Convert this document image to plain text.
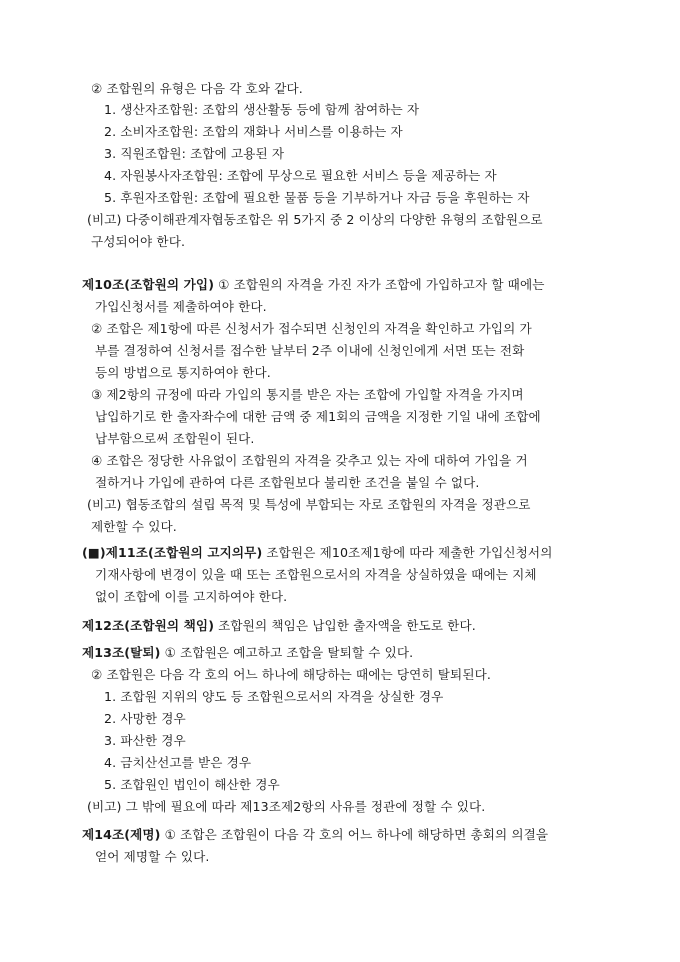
② 조합원의 유형은 다음 각 호와 같다.
1. 생산자조합원: 조합의 생산활동 등에 함께 참여하는 자
2. 소비자조합원: 조합의 재화나 서비스를 이용하는 자
3. 직원조합원: 조합에 고용된 자
4. 자원봉사자조합원: 조합에 무상으로 필요한 서비스 등을 제공하는 자
5. 후원자조합원: 조합에 필요한 물품 등을 기부하거나 자금 등을 후원하는 자
(비고) 다중이해관계자협동조합은 위 5가지 중 2 이상의 다양한 유형의 조합원으로
구성되어야 한다.
제10조(조합원의 가입) ① 조합원의 자격을 가진 자가 조합에 가입하고자 할 때에는
가입신청서를 제출하여야 한다.
② 조합은 제1항에 따른 신청서가 접수되면 신청인의 자격을 확인하고 가입의 가
부를 결정하여 신청서를 접수한 날부터 2주 이내에 신청인에게 서면 또는 전화
등의 방법으로 통지하여야 한다.
③ 제2항의 규정에 따라 가입의 통지를 받은 자는 조합에 가입할 자격을 가지며
납입하기로 한 출자좌수에 대한 금액 중 제1회의 금액을 지정한 기일 내에 조합에
납부함으로써 조합원이 된다.
④ 조합은 정당한 사유없이 조합원의 자격을 갖추고 있는 자에 대하여 가입을 거
절하거나 가입에 관하여 다른 조합원보다 불리한 조건을 붙일 수 없다.
(비고) 협동조합의 설립 목적 및 특성에 부합되는 자로 조합원의 자격을 정관으로
제한할 수 있다.
(■)제11조(조합원의 고지의무) 조합원은 제10조제1항에 따라 제출한 가입신청서의
기재사항에 변경이 있을 때 또는 조합원으로서의 자격을 상실하였을 때에는 지체
없이 조합에 이를 고지하여야 한다.
제12조(조합원의 책임) 조합원의 책임은 납입한 출자액을 한도로 한다.
제13조(탈퇴) ① 조합원은 예고하고 조합을 탈퇴할 수 있다.
② 조합원은 다음 각 호의 어느 하나에 해당하는 때에는 당연히 탈퇴된다.
1. 조합원 지위의 양도 등 조합원으로서의 자격을 상실한 경우
2. 사망한 경우
3. 파산한 경우
4. 금치산선고를 받은 경우
5. 조합원인 법인이 해산한 경우
(비고) 그 밖에 필요에 따라 제13조제2항의 사유를 정관에 정할 수 있다.
제14조(제명) ① 조합은 조합원이 다음 각 호의 어느 하나에 해당하면 총회의 의결을
얻어 제명할 수 있다.
